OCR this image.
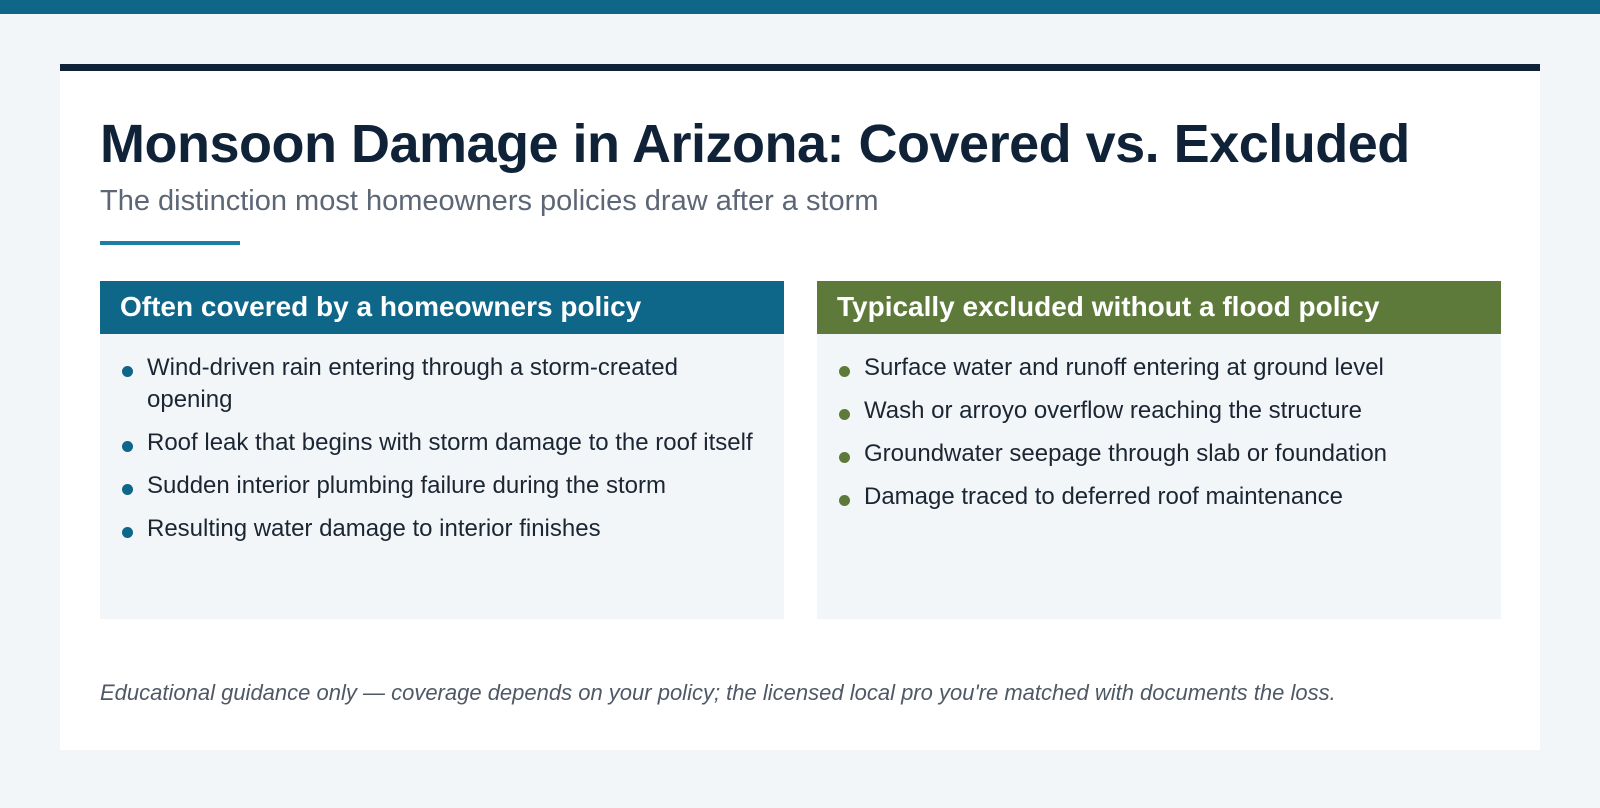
Monsoon Damage in Arizona: Covered vs. Excluded

The distinction most homeowners policies draw after a storm

Often covered by a homeowners policy
Wind-driven rain entering through a storm-created opening
Roof leak that begins with storm damage to the roof itself
Sudden interior plumbing failure during the storm
Resulting water damage to interior finishes
Typically excluded without a flood policy
Surface water and runoff entering at ground level
Wash or arroyo overflow reaching the structure
Groundwater seepage through slab or foundation
Damage traced to deferred roof maintenance

Educational guidance only — coverage depends on your policy; the licensed local pro you're matched with documents the loss.
